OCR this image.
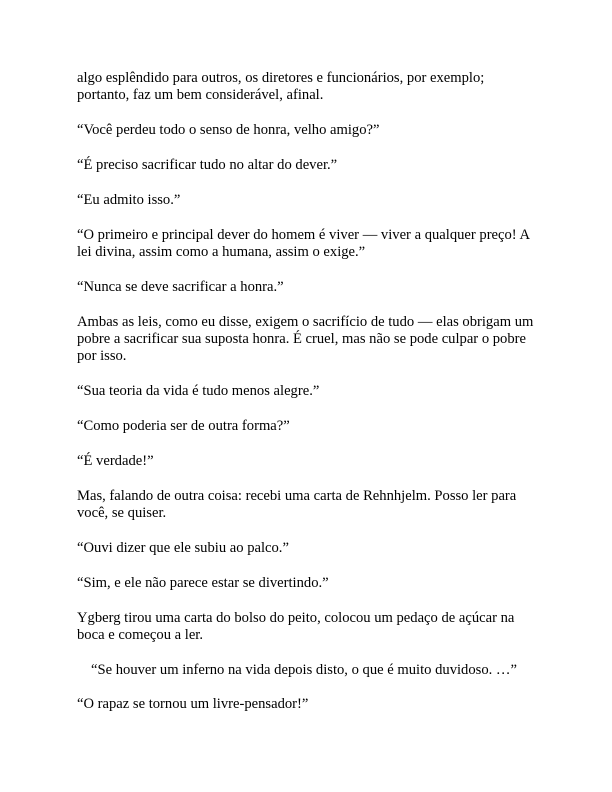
algo esplêndido para outros, os diretores e funcionários, por exemplo; portanto, faz um bem considerável, afinal.

“Você perdeu todo o senso de honra, velho amigo?”

“É preciso sacrificar tudo no altar do dever.”

“Eu admito isso.”

“O primeiro e principal dever do homem é viver — viver a qualquer preço! A lei divina, assim como a humana, assim o exige.”

“Nunca se deve sacrificar a honra.”

Ambas as leis, como eu disse, exigem o sacrifício de tudo — elas obrigam um pobre a sacrificar sua suposta honra. É cruel, mas não se pode culpar o pobre por isso.

“Sua teoria da vida é tudo menos alegre.”

“Como poderia ser de outra forma?”

“É verdade!”

Mas, falando de outra coisa: recebi uma carta de Rehnhjelm. Posso ler para você, se quiser.

“Ouvi dizer que ele subiu ao palco.”

“Sim, e ele não parece estar se divertindo.”

Ygberg tirou uma carta do bolso do peito, colocou um pedaço de açúcar na boca e começou a ler.

“Se houver um inferno na vida depois disto, o que é muito duvidoso. …”

“O rapaz se tornou um livre-pensador!”
